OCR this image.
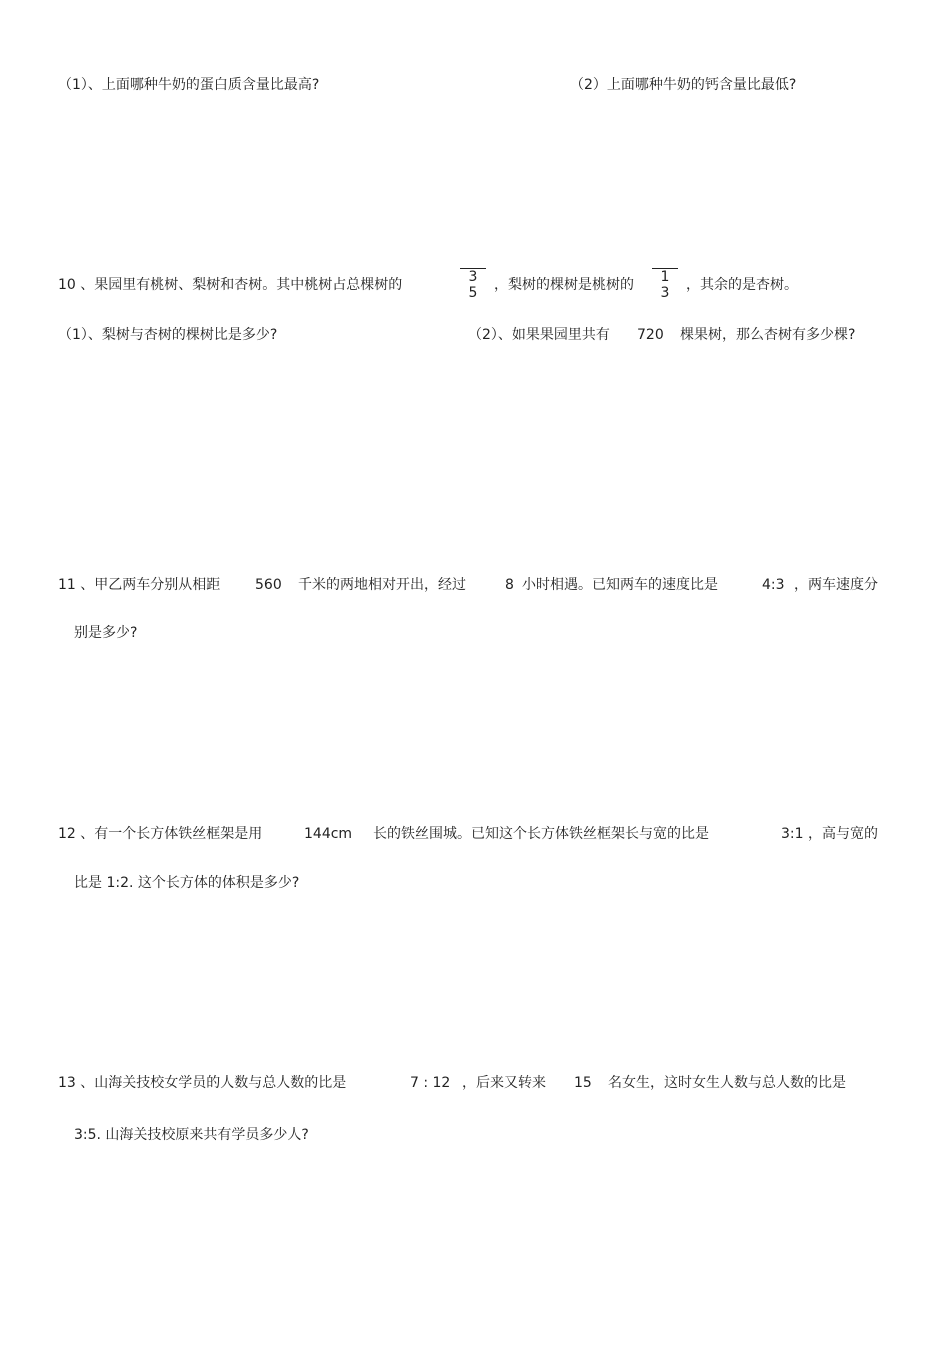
（1）、上面哪种牛奶的蛋白质含量比最高?	（2）上面哪种牛奶的钙含量比最低?
10 、果园里有桃树、梨树和杏树。其中桃树占总棵树的	3
5	，梨树的棵树是桃树的	1
3	，其余的是杏树。
（1）、梨树与杏树的棵树比是多少?	（2）、如果果园里共有 720 棵果树，那么杏树有多少棵?
11 、甲乙两车分别从相距 560 千米的两地相对开出，经过	8 小时相遇。已知两车的速度比是	4:3 ，两车速度分
别是多少?
12 、有一个长方体铁丝框架是用	144cm 长的铁丝围城。已知这个长方体铁丝框架长与宽的比是	3:1 ，高与宽的
比是 1:2. 这个长方体的体积是多少?
13 、山海关技校女学员的人数与总人数的比是	7 : 12 ，后来又转来 15 名女生，这时女生人数与总人数的比是
3:5. 山海关技校原来共有学员多少人?
